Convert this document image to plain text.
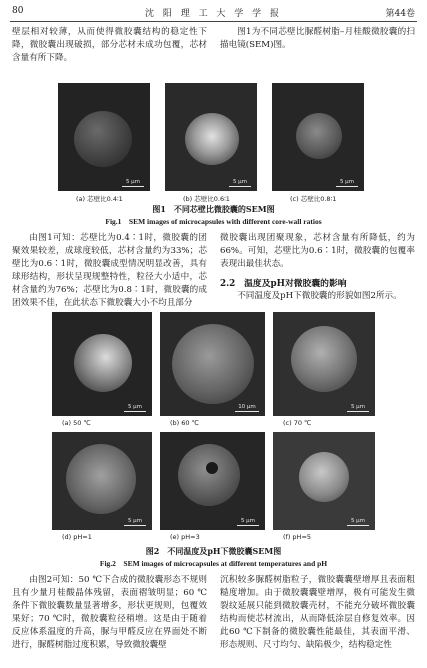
80	沈 阳 理 工 大 学 学 报	第44卷
壁层相对较薄，从而使得微胶囊结构的稳定性下降，微胶囊出现破损，部分芯材未成功包覆，芯材含量有所下降。
图1为不同芯壁比脲醛树脂–月桂酸微胶囊的扫描电镜(SEM)图。
5 μm	5 μm	5 μm
(a) 芯壁比0.4∶1	(b) 芯壁比0.6∶1	(c) 芯壁比0.8∶1
图1　不同芯壁比微胶囊的SEM图
Fig.1　SEM images of microcapsules with different core-wall ratios
由图1可知：芯壁比为0.4∶1时，微胶囊的团聚效果较差，成球度较低，芯材含量约为33%；芯壁比为0.6∶1时，微胶囊成型情况明显改善，具有球形结构，形状呈现规整特性，粒径大小适中，芯材含量约为76%；芯壁比为0.8∶1时，微胶囊的成团效果不佳，在此状态下微胶囊大小不均且部分
微胶囊出现团聚现象，芯材含量有所降低，约为66%。可知，芯壁比为0.6∶1时，微胶囊的包覆率表现出最佳状态。
2.2　温度及pH对微胶囊的影响
不同温度及pH下微胶囊的形貌如图2所示。
5 μm	10 μm	5 μm
(a) 50 ℃	(b) 60 ℃	(c) 70 ℃
5 μm	5 μm	5 μm
(d) pH=1	(e) pH=3	(f) pH=5
图2　不同温度及pH下微胶囊SEM图
Fig.2　SEM images of microcapsules at different temperatures and pH
由图2可知：50 ℃下合成的微胶囊形态不规则且有少量月桂酸晶体残留，表面褶皱明显；60 ℃条件下微胶囊数量显著增多，形状更规则，包覆效果好；70 ℃时，微胶囊粒径稍增。这是由于随着反应体系温度的升高，脲与甲醛反应在界面处不断进行，脲醛树脂过度积累，导致微胶囊壁
沉积较多脲醛树脂粒子，微胶囊囊壁增厚且表面粗糙度增加。由于微胶囊囊壁增厚，极有可能发生微裂纹延展只能到微胶囊壳材，不能充分破坏微胶囊结构而使芯材流出，从而降低涂层自修复效率。因此60 ℃下制备的微胶囊性能最佳，其表面平滑、形态规则、尺寸均匀、缺陷极少，结构稳定性
